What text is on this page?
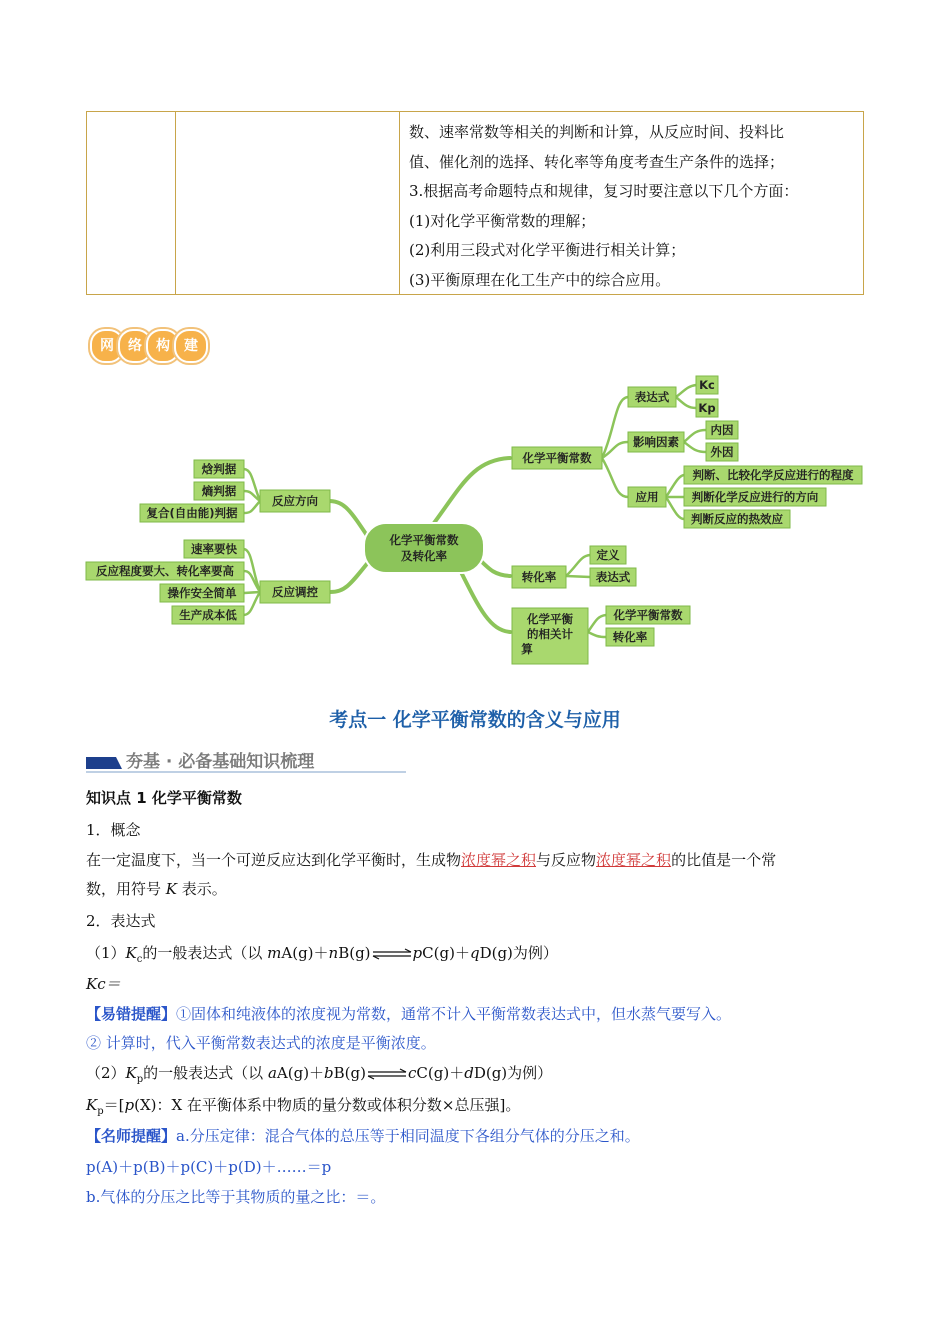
数、速率常数等相关的判断和计算，从反应时间、投料比
值、催化剂的选择、转化率等角度考查生产条件的选择；
3.根据高考命题特点和规律，复习时要注意以下几个方面：
(1)对化学平衡常数的理解；
(2)利用三段式对化学平衡进行相关计算；
(3)平衡原理在化工生产中的综合应用。
网	络	构	建
化学平衡常数
及转化率
化学平衡常数
表达式
Kc
Kp
影响因素
内因
外因
应用
判断、比较化学反应进行的程度
判断化学反应进行的方向
判断反应的热效应
转化率
定义
表达式
化学平衡
的相关计
算
化学平衡常数
转化率
反应方向
焓判据
熵判据
复合(自由能)判据
反应调控
速率要快
反应程度要大、转化率要高
操作安全简单
生产成本低
考点一 化学平衡常数的含义与应用
夯基 · 必备基础知识梳理
知识点 1 化学平衡常数
1．概念
在一定温度下，当一个可逆反应达到化学平衡时，生成物浓度幂之积与反应物浓度幂之积的比值是一个常
数，用符号 K 表示。
2．表达式
$(1)K_c$的一般表达式（以 mA(g)＋nB(g)⇌pC(g)＋qD(g)为例）
Kc＝
【易错提醒】①固体和纯液体的浓度视为常数，通常不计入平衡常数表达式中，但水蒸气要写入。
② 计算时，代入平衡常数表达式的浓度是平衡浓度。
$(2)K_p$的一般表达式（以 aA(g)＋bB(g)⇌cC(g)＋dD(g)为例）
$K_p=[p(X)$：X 在平衡体系中物质的量分数或体积分数×总压强]。
【名师提醒】a.分压定律：混合气体的总压等于相同温度下各组分气体的分压之和。
p(A)＋p(B)＋p(C)＋p(D)＋……＝p
b.气体的分压之比等于其物质的量之比：＝。
